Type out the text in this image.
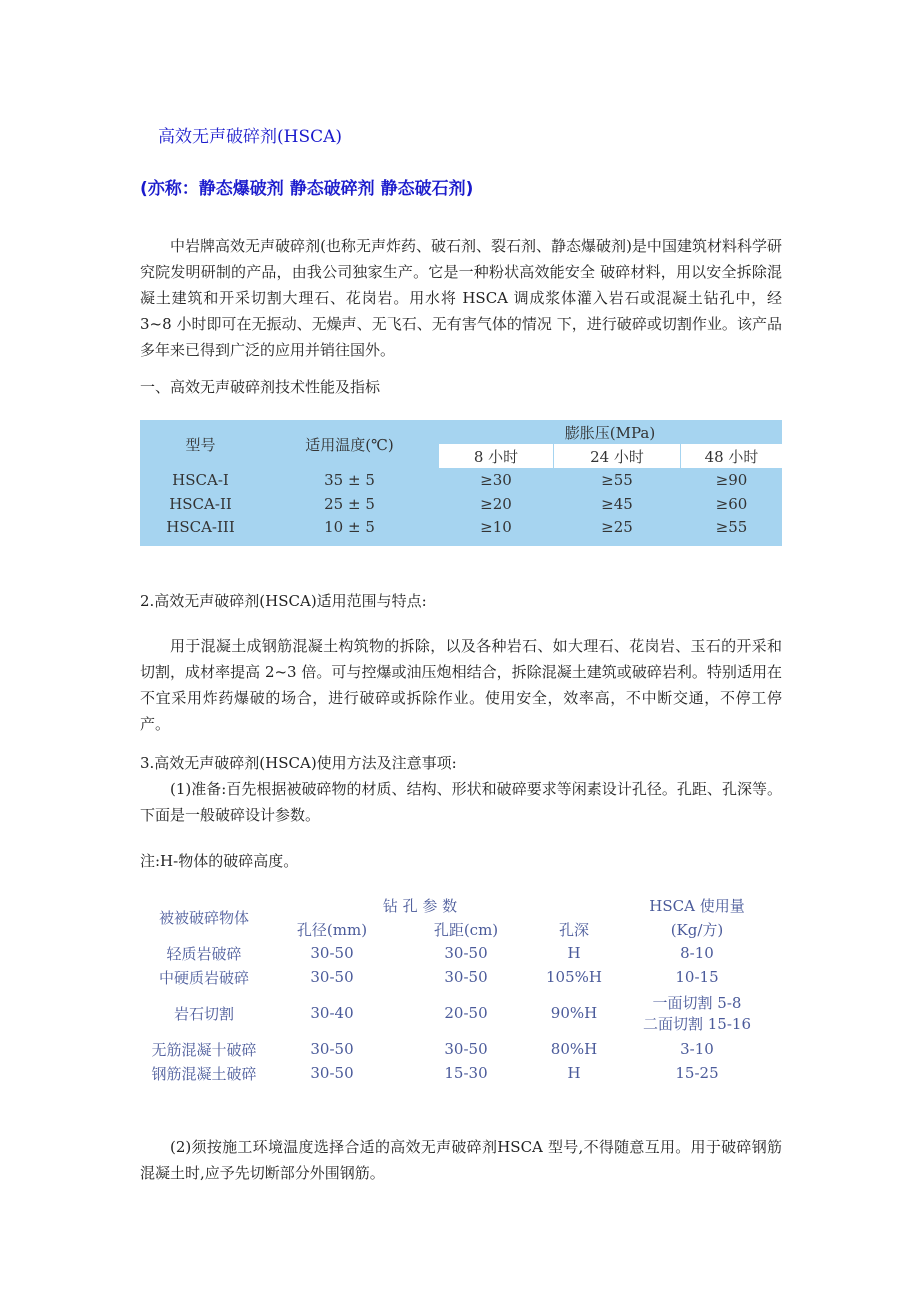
高效无声破碎剂(HSCA)
(亦称：静态爆破剂 静态破碎剂 静态破石剂)

中岩牌高效无声破碎剂(也称无声炸药、破石剂、裂石剂、静态爆破剂)是中国建筑材料科学研究院发明研制的产品，由我公司独家生产。它是一种粉状高效能安全 破碎材料，用以安全拆除混凝土建筑和开采切割大理石、花岗岩。用水将 HSCA 调成浆体灌入岩石或混凝土钻孔中，经 3~8 小时即可在无振动、无燥声、无飞石、无有害气体的情况 下，进行破碎或切割作业。该产品多年来已得到广泛的应用并销往国外。

一、高效无声破碎剂技术性能及指标

型号	适用温度(℃)	膨胀压(MPa)		
		8 小时	24 小时	48 小时
HSCA-I	35 ± 5	≥30	≥55	≥90
HSCA-II	25 ± 5	≥20	≥45	≥60
HSCA-III	10 ± 5	≥10	≥25	≥55

2.高效无声破碎剂(HSCA)适用范围与特点:

用于混凝土成钢筋混凝土构筑物的拆除，以及各种岩石、如大理石、花岗岩、玉石的开采和切割，成材率提高 2~3 倍。可与控爆或油压炮相结合，拆除混凝土建筑或破碎岩利。特别适用在不宜采用炸药爆破的场合，进行破碎或拆除作业。使用安全，效率高，不中断交通，不停工停产。

3.高效无声破碎剂(HSCA)使用方法及注意事项:

(1)准备:百先根据被破碎物的材质、结构、形状和破碎要求等闲素设计孔径。孔距、孔深等。下面是一般破碎设计参数。

注:H-物体的破碎高度。

被被破碎物体	钻 孔 参 数			HSCA 使用量
	孔径(mm)	孔距(cm)	孔深	(Kg/方)
轻质岩破碎	30-50	30-50	H	8-10
中硬质岩破碎	30-50	30-50	105%H	10-15
岩石切割	30-40	20-50	90%H	一面切割 5-8
二面切割 15-16

无筋混凝十破碎	30-50	30-50	80%H	3-10
钢筋混凝土破碎	30-50	15-30	H	15-25

(2)须按施工环境温度选择合适的高效无声破碎剂HSCA 型号,不得随意互用。用于破碎钢筋混凝土时,应予先切断部分外围钢筋。
